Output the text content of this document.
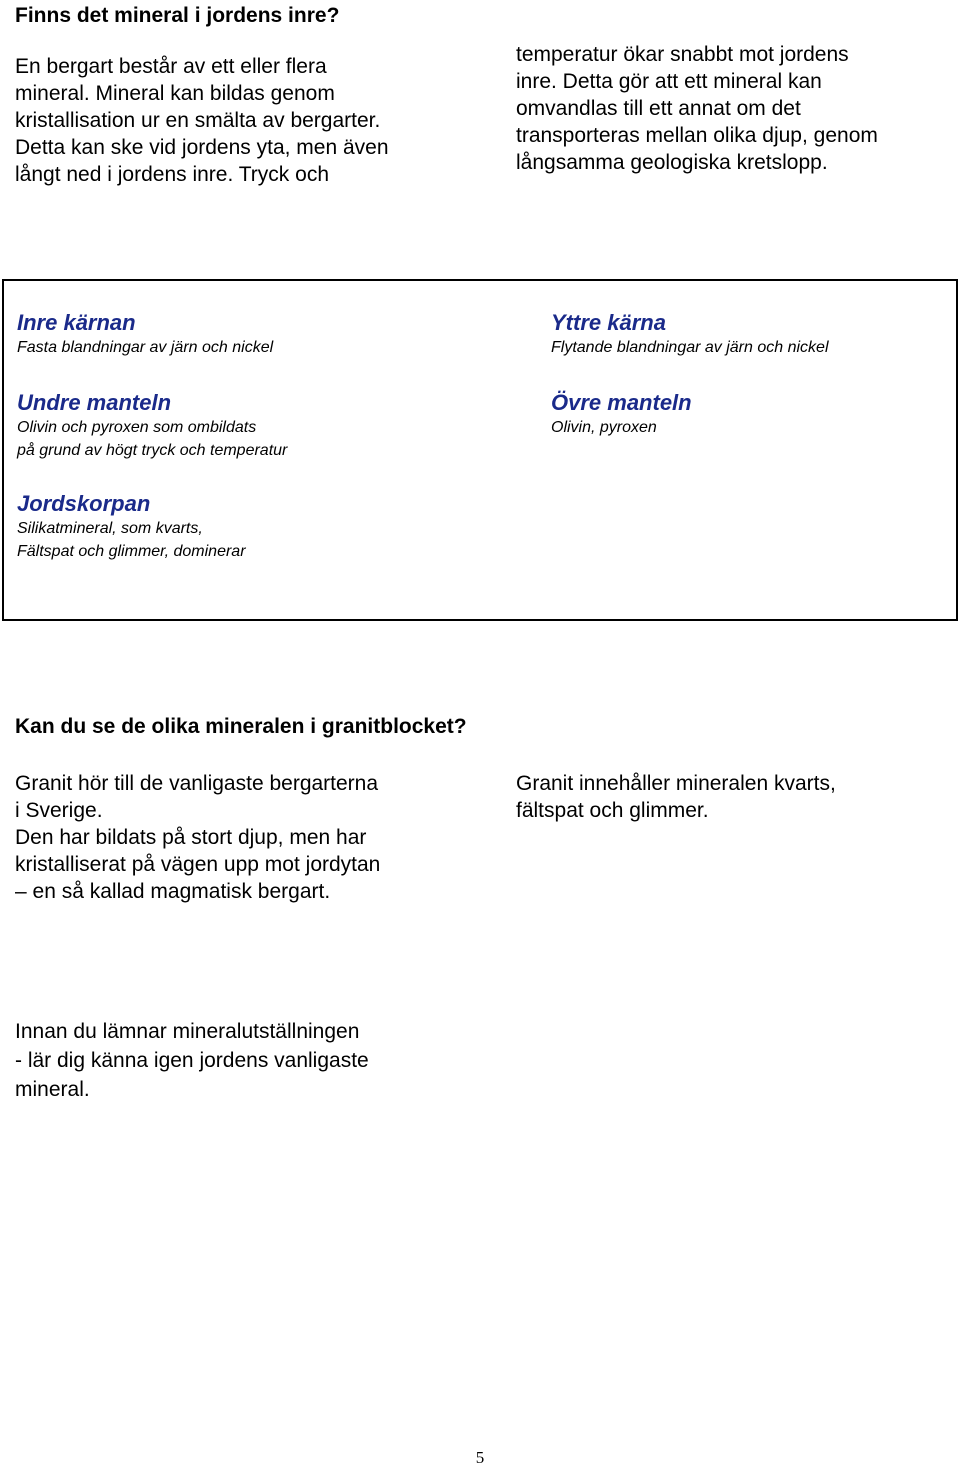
Finns det mineral i jordens inre?
En bergart består av ett eller flera
mineral. Mineral kan bildas genom
kristallisation ur en smälta av bergarter.
Detta kan ske vid jordens yta, men även
långt ned i jordens inre. Tryck och
temperatur ökar snabbt mot jordens
inre. Detta gör att ett mineral kan
omvandlas till ett annat om det
transporteras mellan olika djup, genom
långsamma geologiska kretslopp.
Inre kärnan
Fasta blandningar av järn och nickel
Yttre kärna
Flytande blandningar av järn och nickel
Undre manteln
Olivin och pyroxen som ombildats
på grund av högt tryck och temperatur
Övre manteln
Olivin, pyroxen
Jordskorpan
Silikatmineral, som kvarts,
Fältspat och glimmer, dominerar
Kan du se de olika mineralen i granitblocket?
Granit hör till de vanligaste bergarterna
i Sverige.
Den har bildats på stort djup, men har
kristalliserat på vägen upp mot jordytan
– en så kallad magmatisk bergart.
Granit innehåller mineralen kvarts,
fältspat och glimmer.
Innan du lämnar mineralutställningen
- lär dig känna igen jordens vanligaste
mineral.
5
